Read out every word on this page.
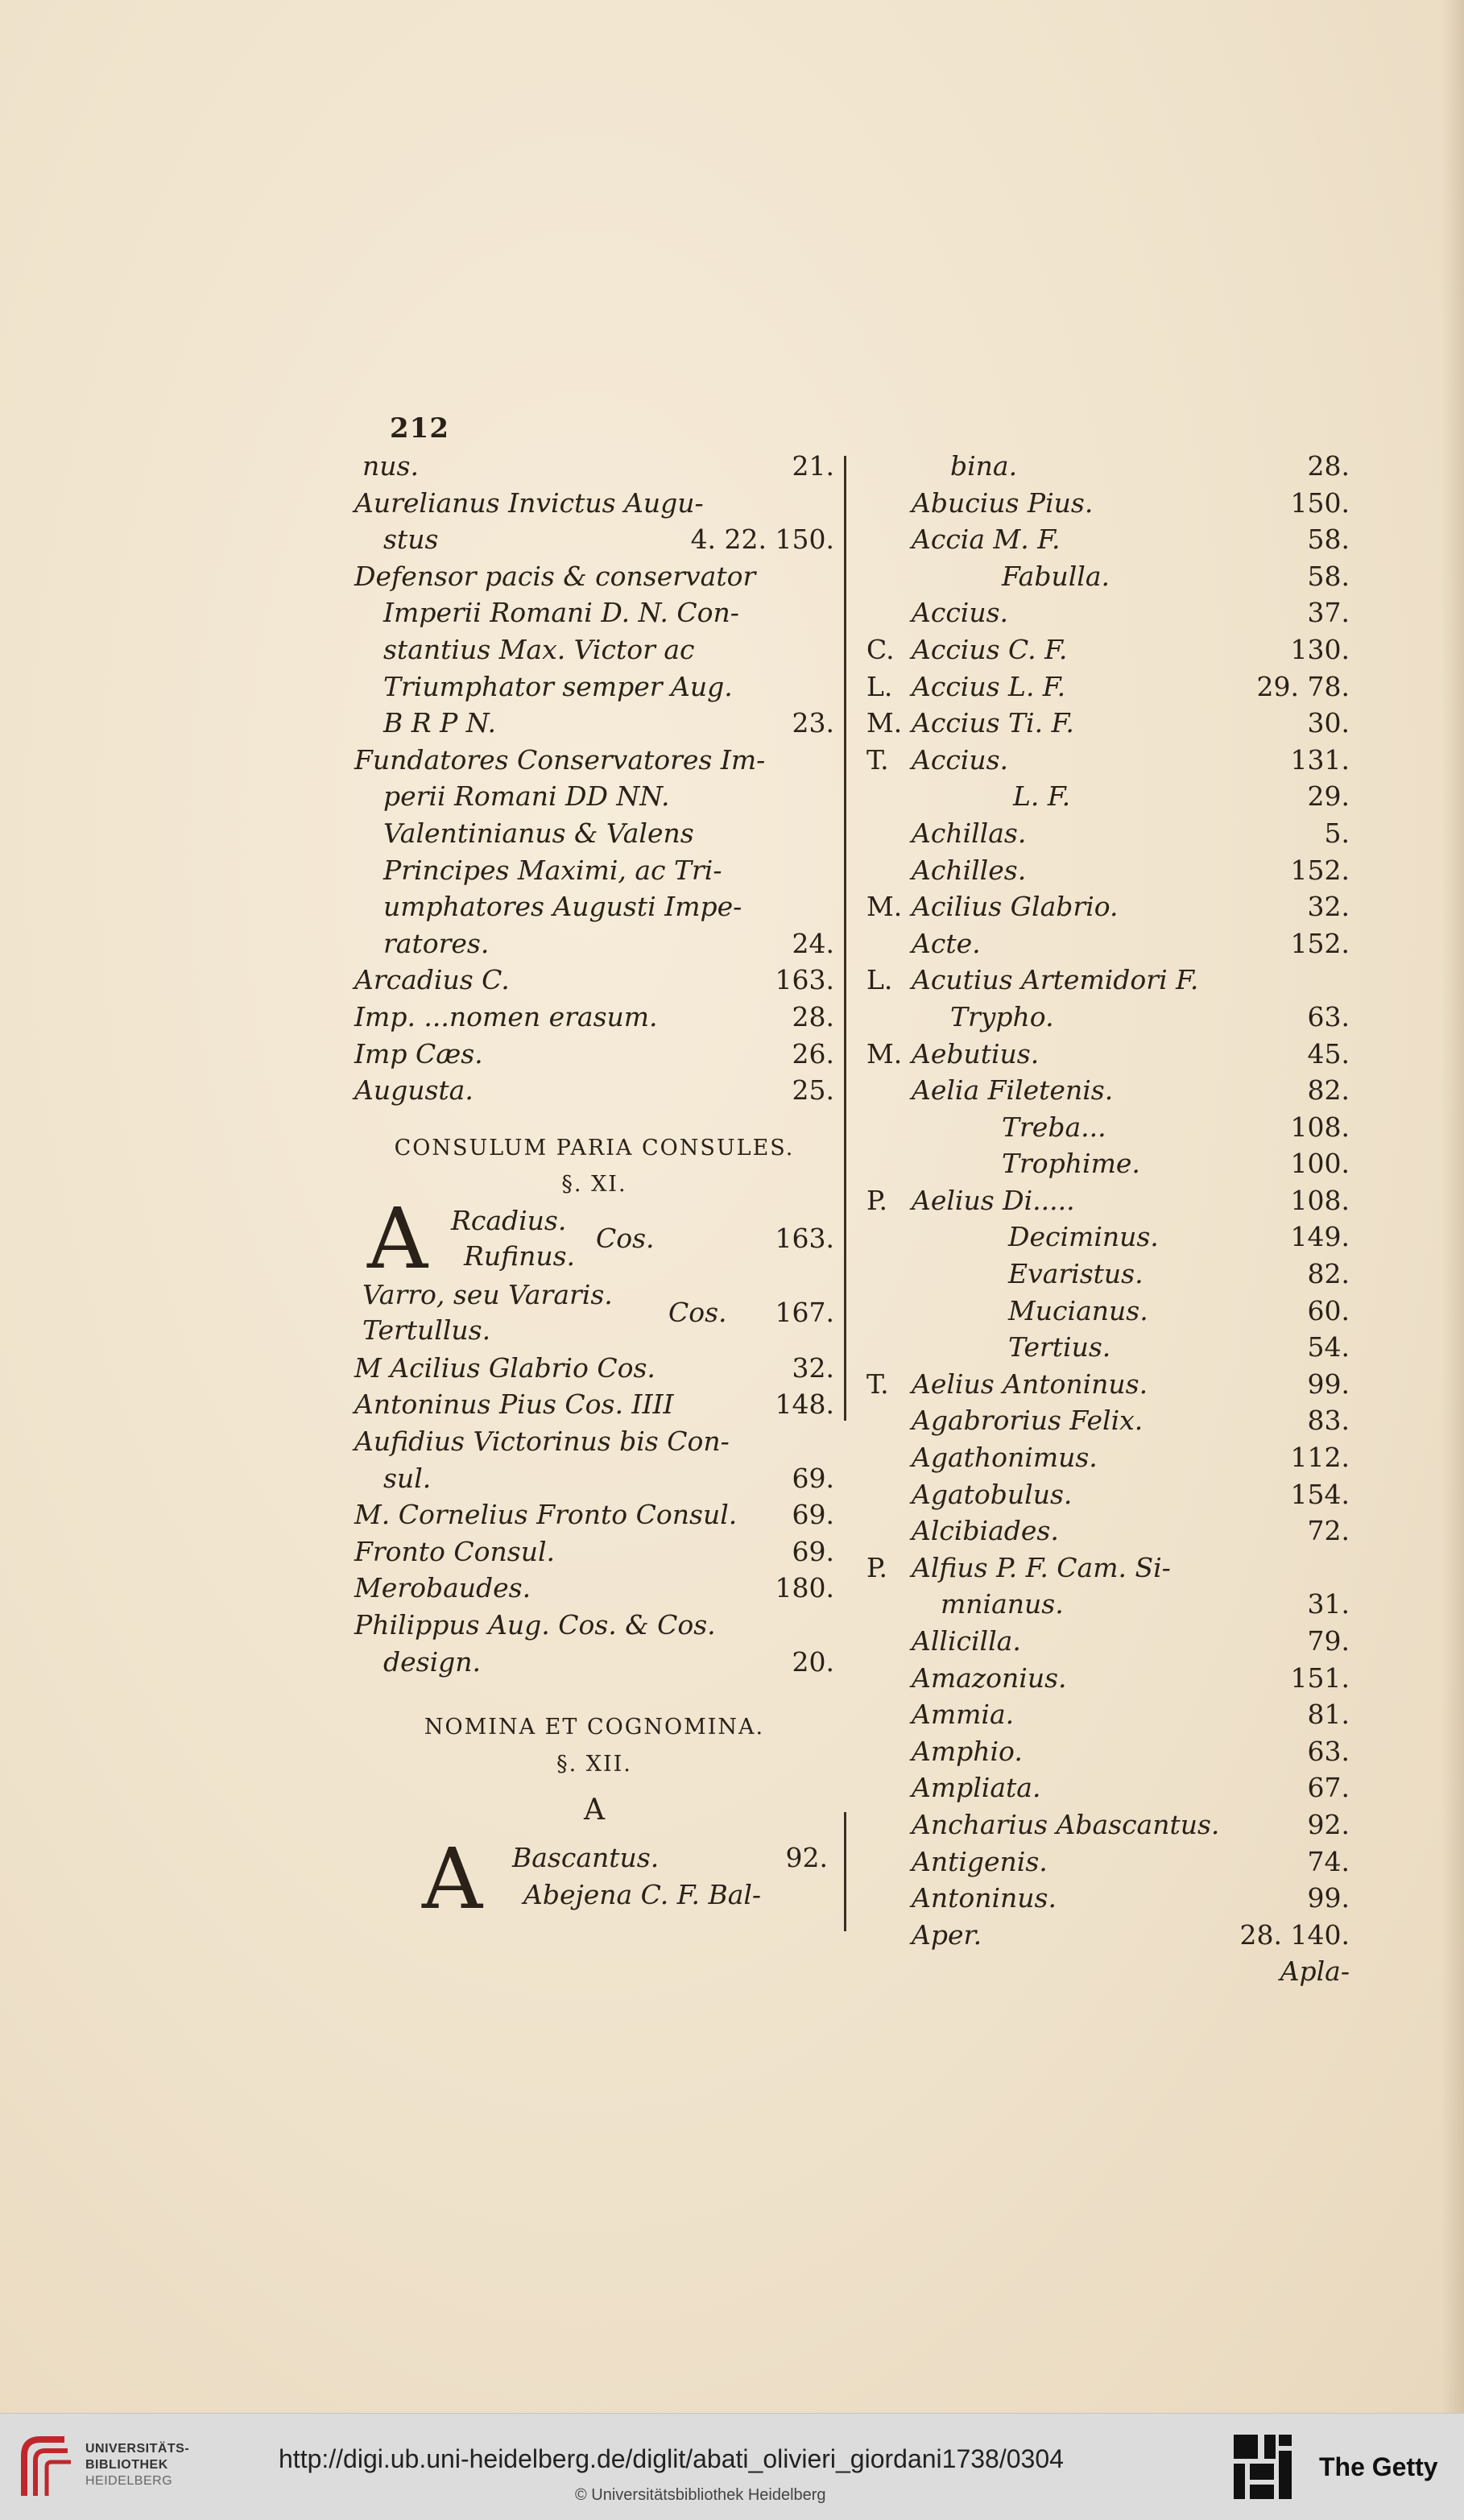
212
nus.	21.
Aurelianus Invictus Augu-
stus	4. 22. 150.
Defensor pacis & conservator
Imperii Romani D. N. Con-
stantius Max. Victor ac
Triumphator semper Aug.
B R P N.	23.
Fundatores Conservatores Im-
perii Romani DD NN.
Valentinianus & Valens
Principes Maximi, ac Tri-
umphatores Augusti Impe-
ratores.	24.
Arcadius C.	163.
Imp. ...nomen erasum.	28.
Imp Cæs.	26.
Augusta.	25.
CONSULUM PARIA CONSULES.
§. XI.
A Rcadius.
Rufinus.
Cos.	163.
Varro, seu Vararis.
Tertullus.
Cos. 167.
M Acilius Glabrio Cos.	32.
Antoninus Pius Cos. IIII	148.
Aufidius Victorinus bis Con-
sul.	69.
M. Cornelius Fronto Consul. 69.
Fronto Consul.	69.
Merobaudes.	180.
Philippus Aug. Cos. & Cos.
design.	20.
NOMINA ET COGNOMINA.
§. XII.
A
A Bascantus.	92.
Abejena C. F. Bal-
bina.	28.
Abucius Pius.	150.
Accia M. F.	58.
Fabulla.	58.
Accius.	37.
C. Accius C. F.	130.
L. Accius L. F.	29. 78.
M. Accius Ti. F.	30.
T. Accius.	131.
L. F.	29.
Achillas.	5.
Achilles.	152.
M. Acilius Glabrio.	32.
Acte.	152.
L. Acutius Artemidori F.
Trypho.	63.
M. Aebutius.	45.
Aelia Filetenis.	82.
Treba...	108.
Trophime.	100.
P. Aelius Di.....	108.
Deciminus.	149.
Evaristus.	82.
Mucianus.	60.
Tertius.	54.
T. Aelius Antoninus.	99.
Agabrorius Felix.	83.
Agathonimus.	112.
Agatobulus.	154.
Alcibiades.	72.
P. Alfius P. F. Cam. Si-
mnianus.	31.
Allicilla.	79.
Amazonius.	151.
Ammia.	81.
Amphio.	63.
Ampliata.	67.
Ancharius Abascantus.	92.
Antigenis.	74.
Antoninus.	99.
Aper.	28. 140.
Apla-
UNIVERSITÄTS-
BIBLIOTHEK
HEIDELBERG
http://digi.ub.uni-heidelberg.de/diglit/abati_olivieri_giordani1738/0304
© Universitätsbibliothek Heidelberg
The Getty
